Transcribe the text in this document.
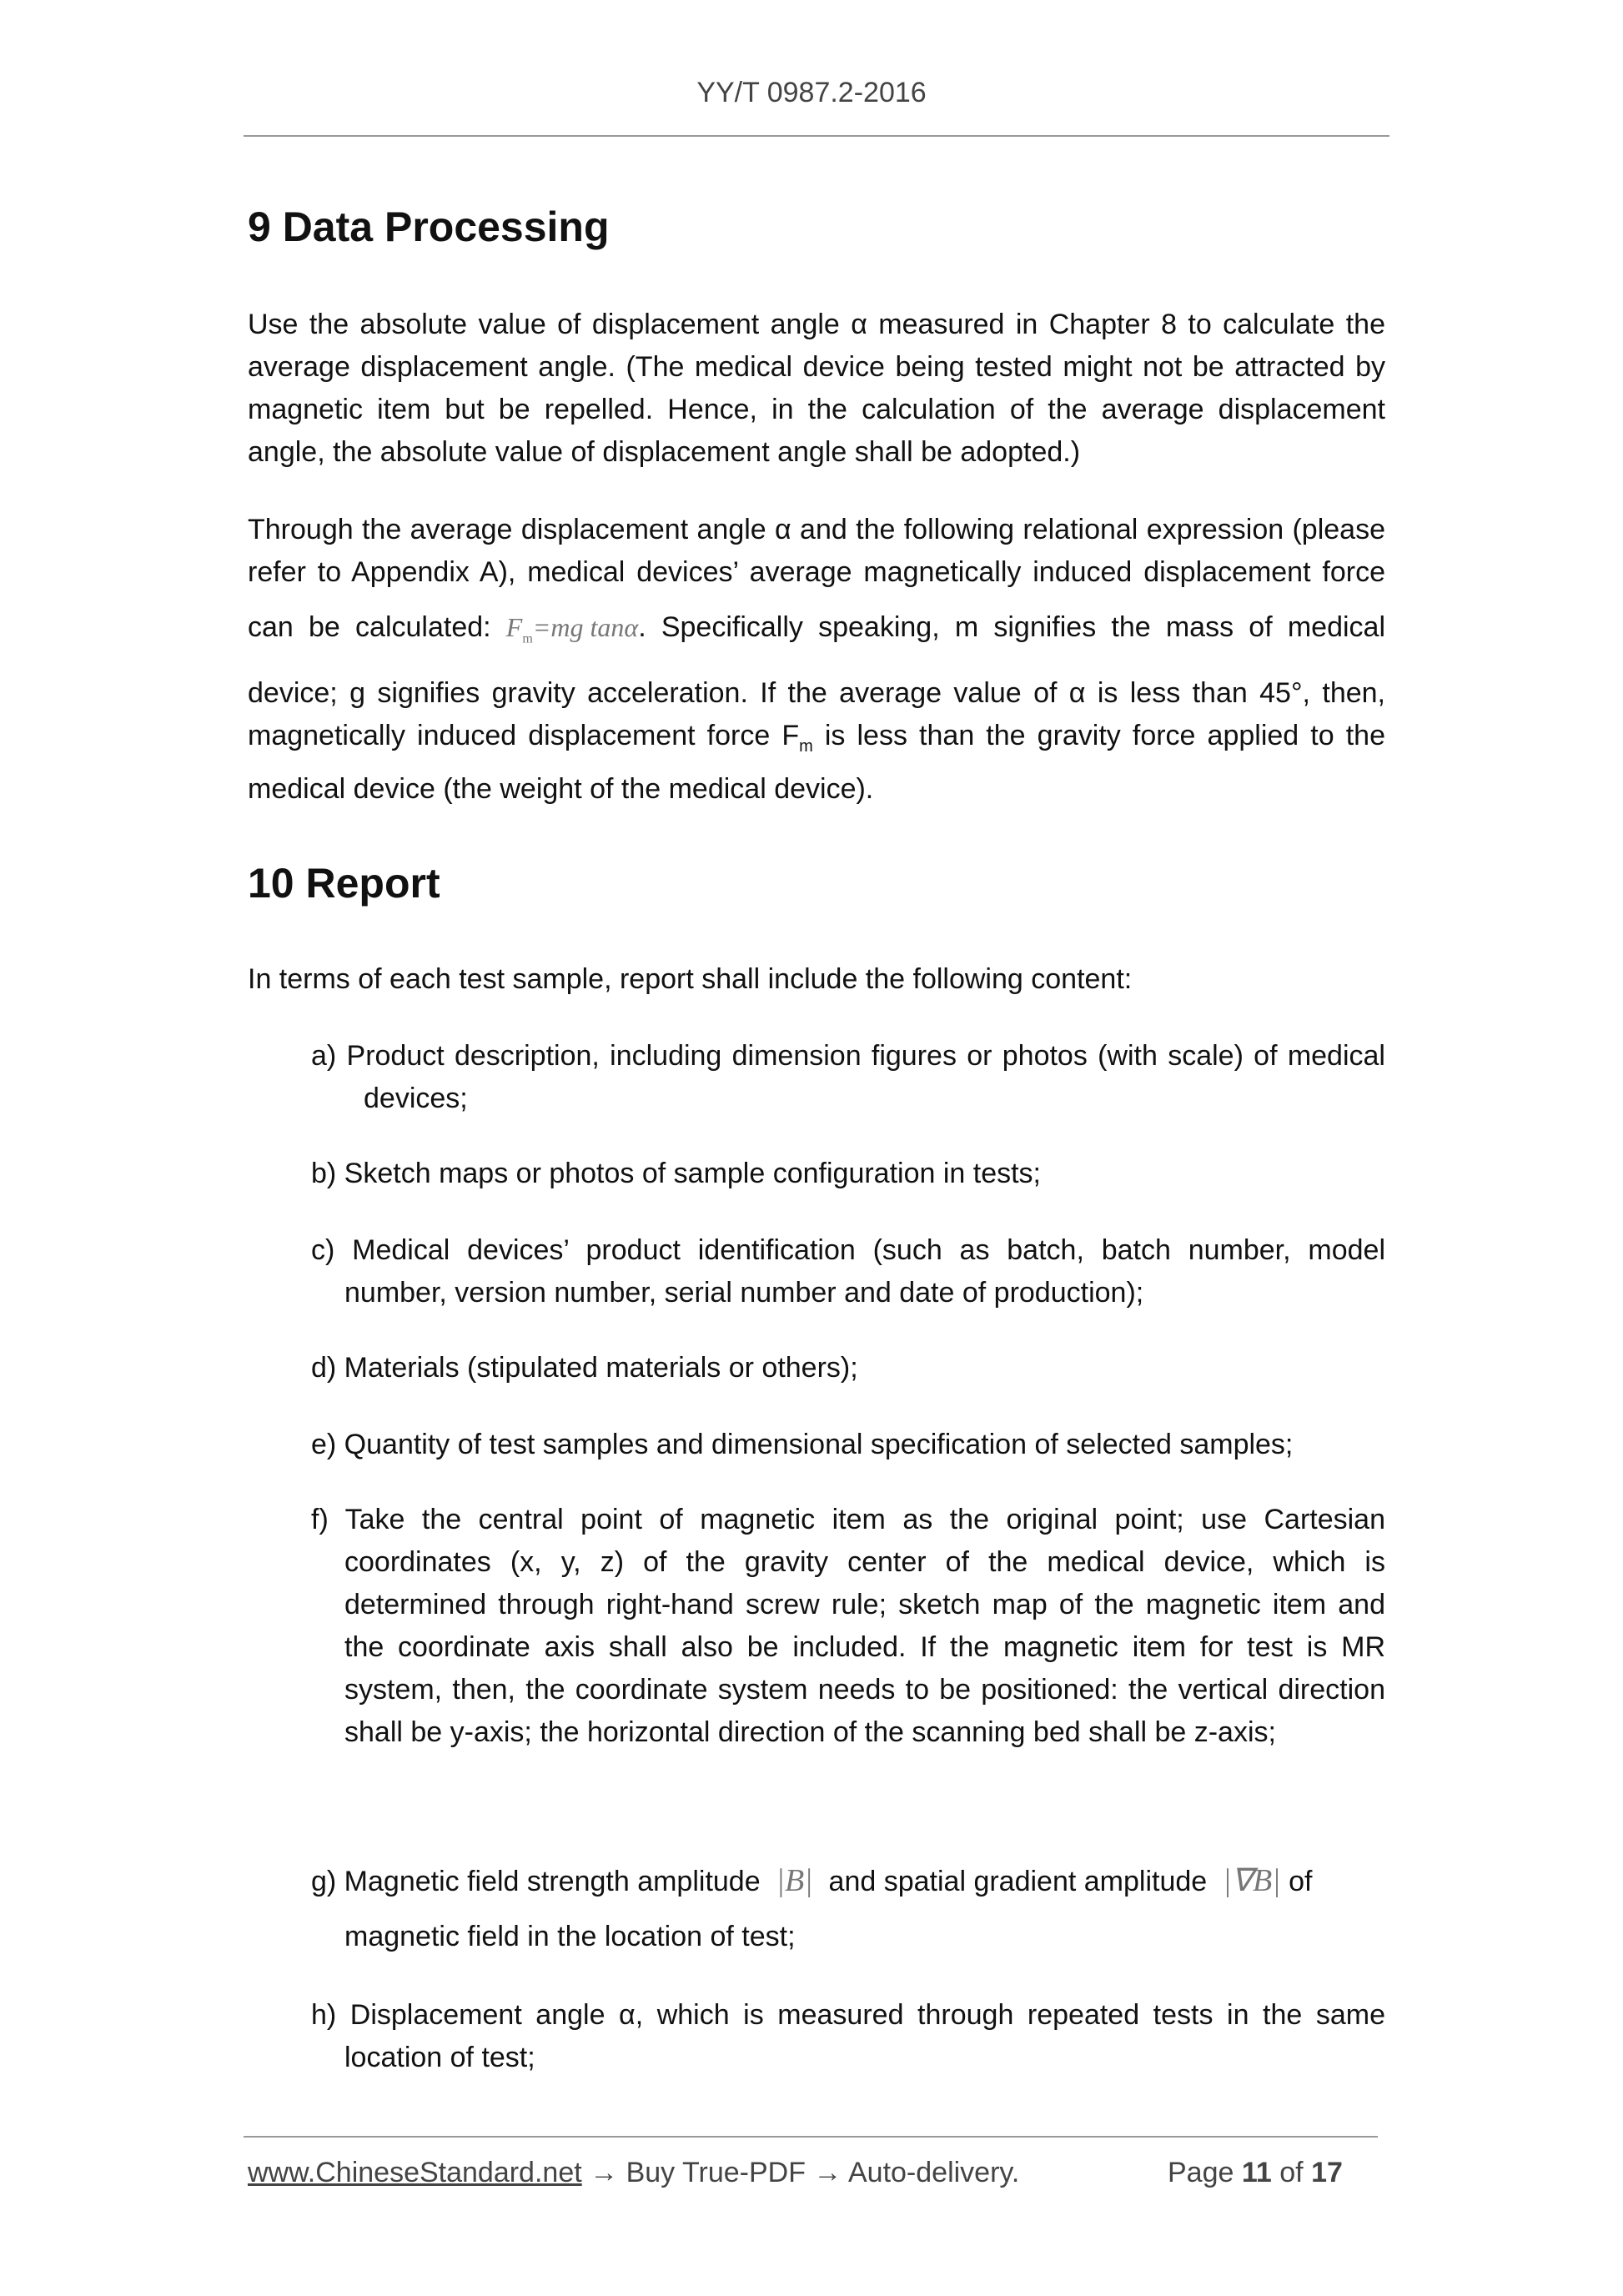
YY/T 0987.2-2016
9 Data Processing
Use the absolute value of displacement angle α measured in Chapter 8 to calculate the average displacement angle. (The medical device being tested might not be attracted by magnetic item but be repelled. Hence, in the calculation of the average displacement angle, the absolute value of displacement angle shall be adopted.)
Through the average displacement angle α and the following relational expression (please refer to Appendix A), medical devices’ average magnetically induced displacement force can be calculated: $F_m=mg$ tanα. Specifically speaking, m signifies the mass of medical device; g signifies gravity acceleration. If the average value of α is less than 45°, then, magnetically induced displacement force $F_m$ is less than the gravity force applied to the medical device (the weight of the medical device).
10 Report
In terms of each test sample, report shall include the following content:
a) Product description, including dimension figures or photos (with scale) of medical devices;
b) Sketch maps or photos of sample configuration in tests;
c) Medical devices’ product identification (such as batch, batch number, model number, version number, serial number and date of production);
d) Materials (stipulated materials or others);
e) Quantity of test samples and dimensional specification of selected samples;
f) Take the central point of magnetic item as the original point; use Cartesian coordinates (x, y, z) of the gravity center of the medical device, which is determined through right-hand screw rule; sketch map of the magnetic item and the coordinate axis shall also be included. If the magnetic item for test is MR system, then, the coordinate system needs to be positioned: the vertical direction shall be y-axis; the horizontal direction of the scanning bed shall be z-axis;
g) Magnetic field strength amplitude |B| and spatial gradient amplitude |∇B| of magnetic field in the location of test;
h) Displacement angle α, which is measured through repeated tests in the same location of test;
www.ChineseStandard.net → Buy True-PDF → Auto-delivery.	Page 11 of 17
